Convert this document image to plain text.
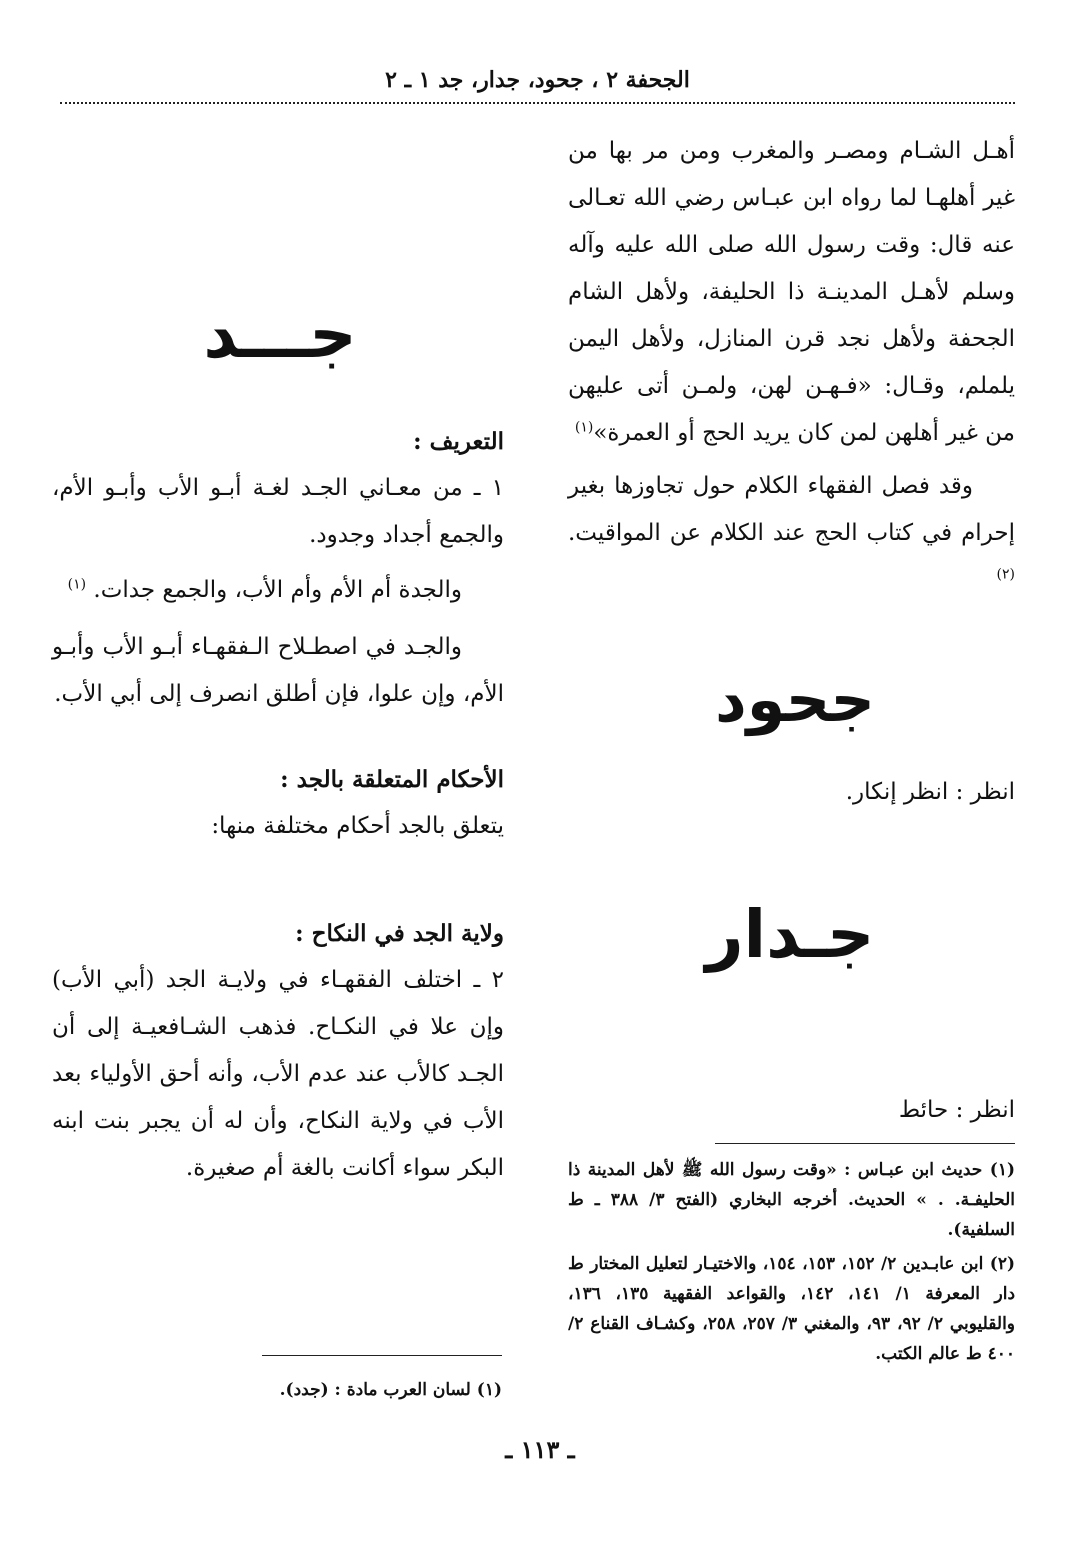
الجحفة ٢ ، جحود، جدار، جد ١ ـ ٢

أهـل الشـام ومصـر والمغرب ومن مر بها من غير أهلهـا لما رواه ابن عبـاس رضي الله تعـالى عنه قال: وقت رسول الله صلى الله عليه وآله وسلم لأهـل المدينـة ذا الحليفة، ولأهل الشام الجحفة ولأهل نجد قرن المنازل، ولأهل اليمن يلملم، وقـال: «فـهـن لهن، ولمـن أتى عليهن من غير أهلهن لمن كان يريد الحج أو العمرة»$^{(١)}$

وقد فصل الفقهاء الكلام حول تجاوزها بغير إحرام في كتاب الحج عند الكلام عن المواقيت. $^{(٢)}$

جحود
انظر : انظر إنكار.
جـدار
انظر : حائط

(١) حديث ابن عبـاس : «وقت رسول الله ﷺ لأهل المدينة ذا الحليفـة. . » الحديث. أخرجه البخاري (الفتح ٣/ ٣٨٨ ـ ط السلفية).

(٢) ابن عابـدين ٢/ ١٥٢، ١٥٣، ١٥٤، والاختيـار لتعليل المختار ط دار المعرفة ١/ ١٤١، ١٤٢، والقواعد الفقهية ١٣٥، ١٣٦، والقليوبي ٢/ ٩٢، ٩٣، والمغني ٣/ ٢٥٧، ٢٥٨، وكشـاف القناع ٢/ ٤٠٠ ط عالم الكتب.

جـــد

التعريف :

١ ـ من معـاني الجـد لغـة أبـو الأب وأبـو الأم، والجمع أجداد وجدود.

والجدة أم الأم وأم الأب، والجمع جدات. $^{(١)}$

والجـد في اصطـلاح الـفقهـاء أبـو الأب وأبـو الأم، وإن علوا، فإن أطلق انصرف إلى أبي الأب.

الأحكام المتعلقة بالجد :

يتعلق بالجد أحكام مختلفة منها:

ولاية الجد في النكاح :

٢ ـ اختلف الفقهـاء في ولايـة الجد (أبي الأب) وإن علا في النكـاح. فذهب الشـافعيـة إلى أن الجـد كالأب عند عدم الأب، وأنه أحق الأولياء بعد الأب في ولاية النكاح، وأن له أن يجبر بنت ابنه البكر سواء أكانت بالغة أم صغيرة.

(١) لسان العرب مادة : (جدد).

ـ ١١٣ ـ
